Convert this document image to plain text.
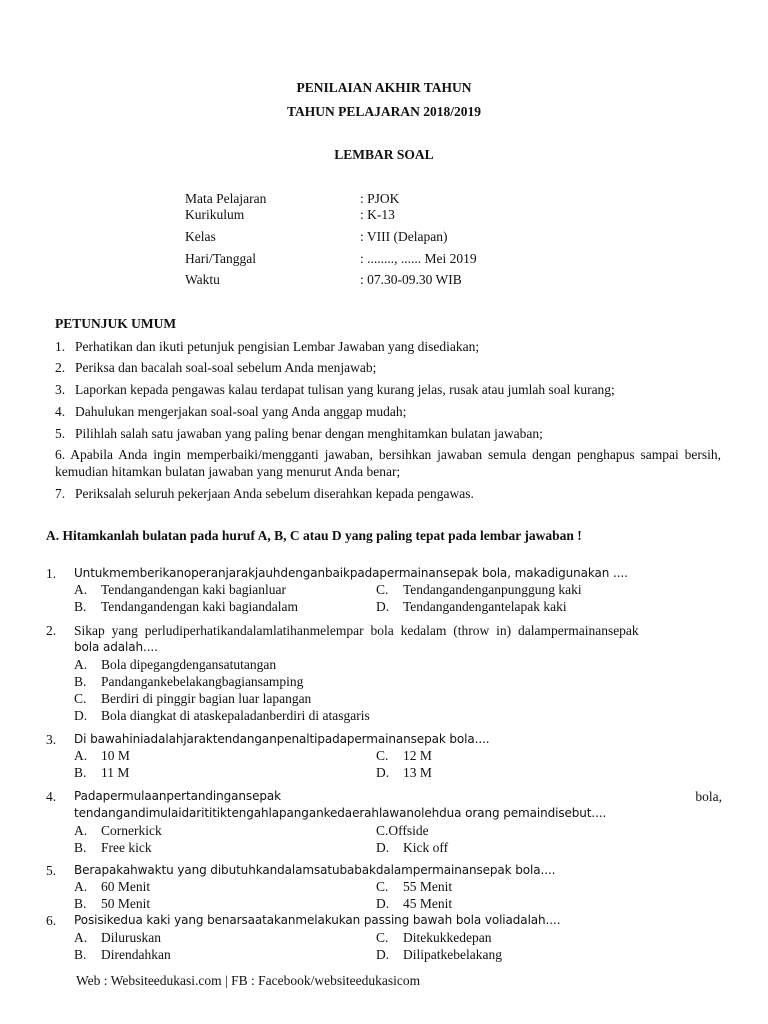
PENILAIAN AKHIR TAHUN
TAHUN PELAJARAN 2018/2019
LEMBAR SOAL
Mata Pelajaran	: PJOK
Kurikulum	: K-13
Kelas	: VIII (Delapan)
Hari/Tanggal	: ........, ...... Mei 2019
Waktu	: 07.30-09.30 WIB
PETUNJUK UMUM
1. Perhatikan dan ikuti petunjuk pengisian Lembar Jawaban yang disediakan;
2. Periksa dan bacalah soal-soal sebelum Anda menjawab;
3. Laporkan kepada pengawas kalau terdapat tulisan yang kurang jelas, rusak atau jumlah soal kurang;
4. Dahulukan mengerjakan soal-soal yang Anda anggap mudah;
5. Pilihlah salah satu jawaban yang paling benar dengan menghitamkan bulatan jawaban;
6. Apabila Anda ingin memperbaiki/mengganti jawaban, bersihkan jawaban semula dengan penghapus sampai bersih, kemudian hitamkan bulatan jawaban yang menurut Anda benar;
7. Periksalah seluruh pekerjaan Anda sebelum diserahkan kepada pengawas.
A. Hitamkanlah bulatan pada huruf A, B, C atau D yang paling tepat pada lembar jawaban !
1. Untukmemberikanoperanjarakjauhdenganbaikpadapermainansepak bola, makadigunakan ....
A. Tendangandengan kaki bagianluar	C. Tendangandenganpunggung kaki
B. Tendangandengan kaki bagiandalam	D. Tendangandengantelapak kaki
2. Sikap yang perludiperhatikandalamlatihanmelempar bola kedalam (throw in) dalampermainansepak
bola adalah....
A. Bola dipegangdengansatutangan
B. Pandangankebelakangbagiansamping
C. Berdiri di pinggir bagian luar lapangan
D. Bola diangkat di ataskepaladanberdiri di atasgaris
3. Di bawahiniadalahjaraktendanganpenaltipadapermainansepak bola....
A. 10 M	C. 12 M
B. 11 M	D. 13 M
4. Padapermulaanpertandingansepak	bola,
tendangandimulaidarititiktengahlapangankedaerahlawanolehdua orang pemaindisebut....
A. Cornerkick	C.Offside
B. Free kick	D. Kick off
5. Berapakahwaktu yang dibutuhkandalamsatubabakdalampermainansepak bola....
A. 60 Menit	C. 55 Menit
B. 50 Menit	D. 45 Menit
6. Posisikedua kaki yang benarsaatakanmelakukan passing bawah bola voliadalah....
A. Diluruskan	C. Ditekukkedepan
B. Direndahkan	D. Dilipatkebelakang
Web : Websiteedukasi.com | FB : Facebook/websiteedukasicom
